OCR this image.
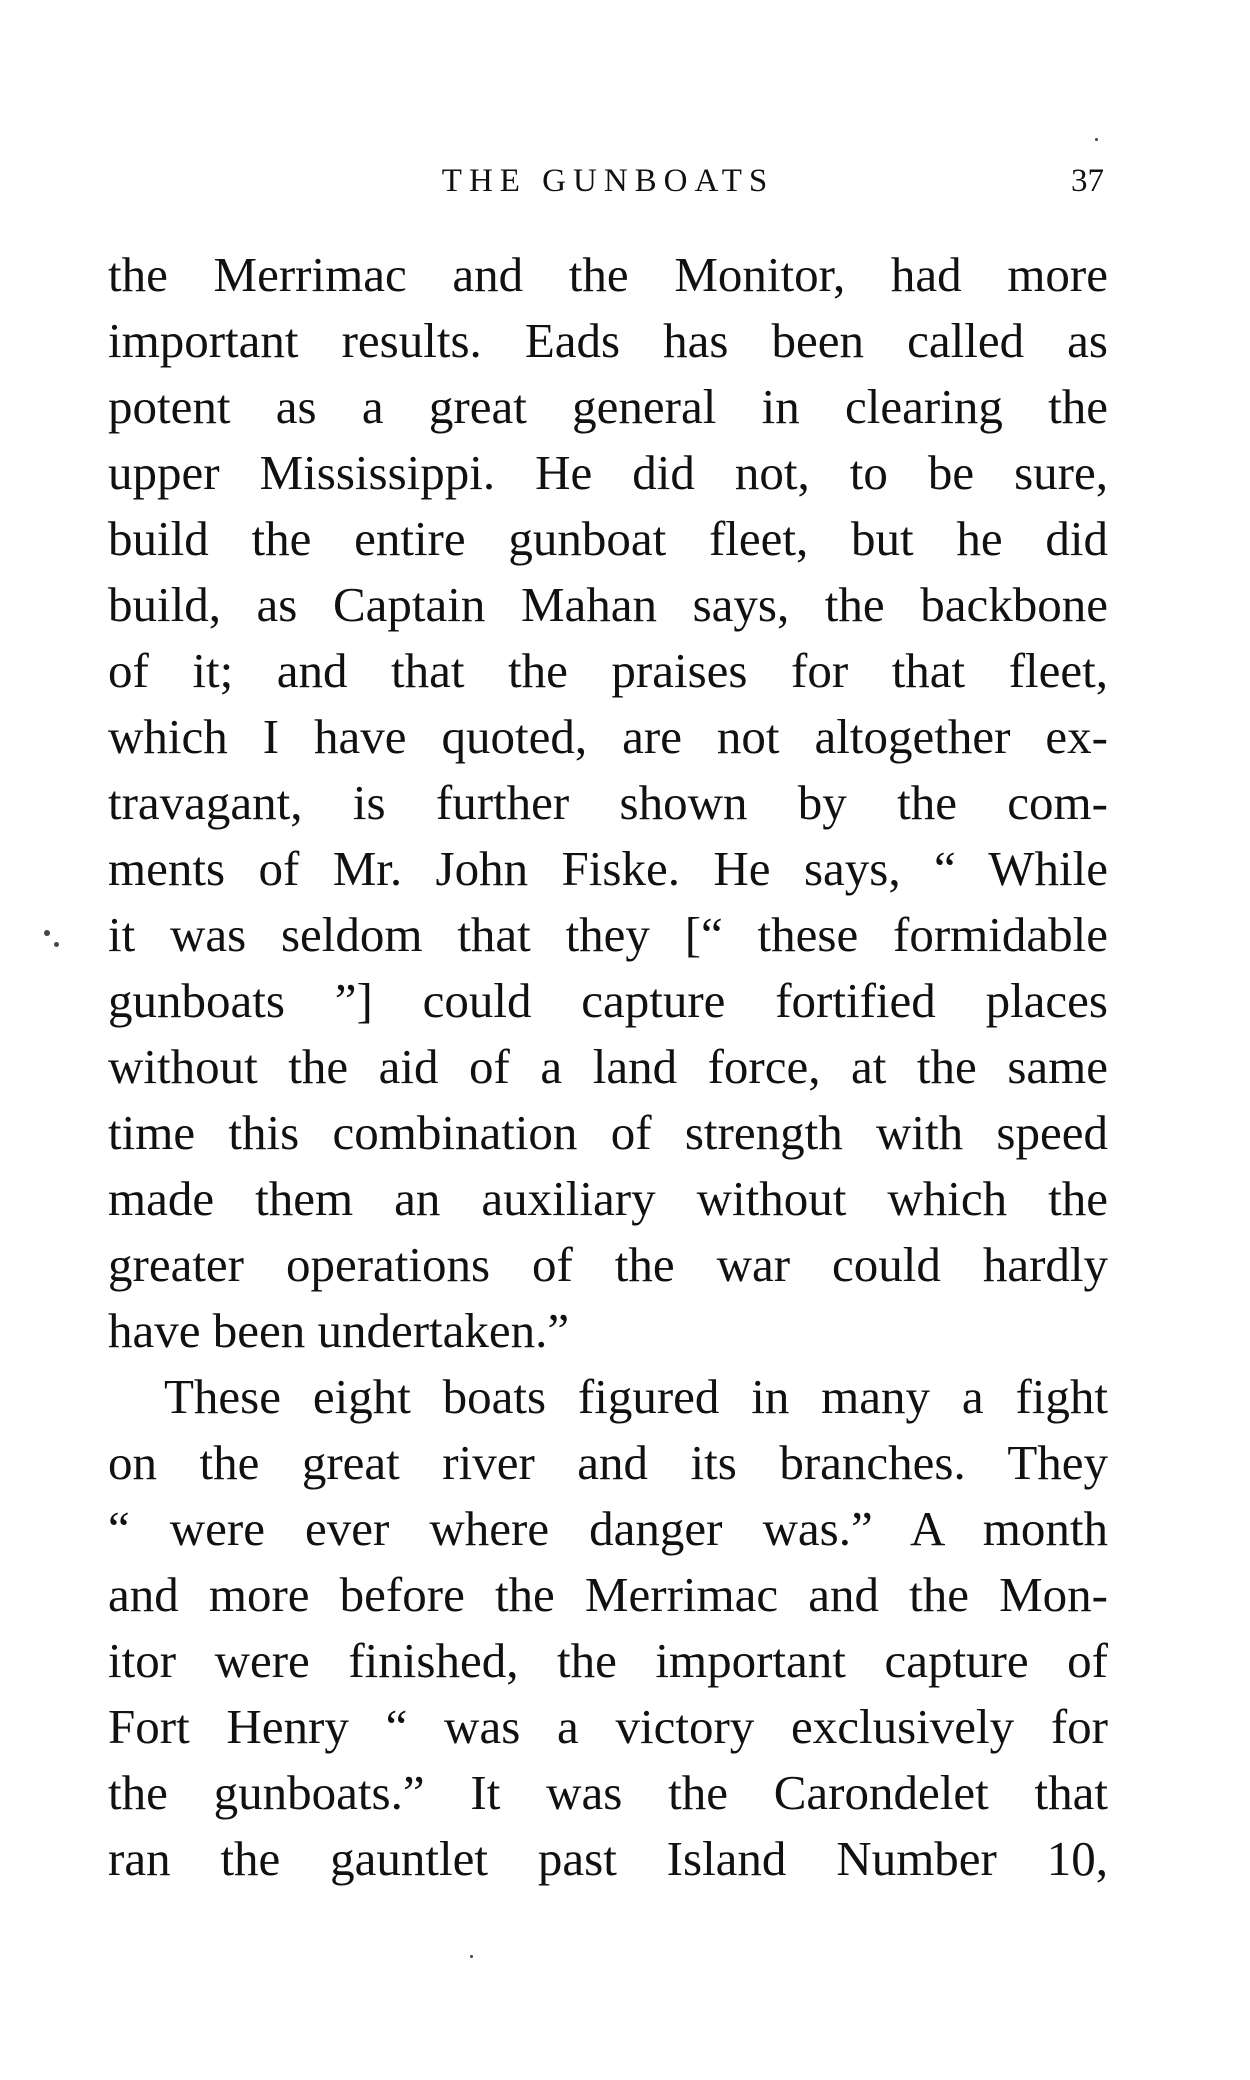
THE GUNBOATS	37
the Merrimac and the Monitor, had more
important results. Eads has been called as
potent as a great general in clearing the
upper Mississippi. He did not, to be sure,
build the entire gunboat fleet, but he did
build, as Captain Mahan says, the backbone
of it; and that the praises for that fleet,
which I have quoted, are not altogether ex-
travagant, is further shown by the com-
ments of Mr. John Fiske. He says, “ While
it was seldom that they [“ these formidable
gunboats ”] could capture fortified places
without the aid of a land force, at the same
time this combination of strength with speed
made them an auxiliary without which the
greater operations of the war could hardly
have been undertaken.”
These eight boats figured in many a fight
on the great river and its branches. They
“ were ever where danger was.” A month
and more before the Merrimac and the Mon-
itor were finished, the important capture of
Fort Henry “ was a victory exclusively for
the gunboats.” It was the Carondelet that
ran the gauntlet past Island Number 10,
